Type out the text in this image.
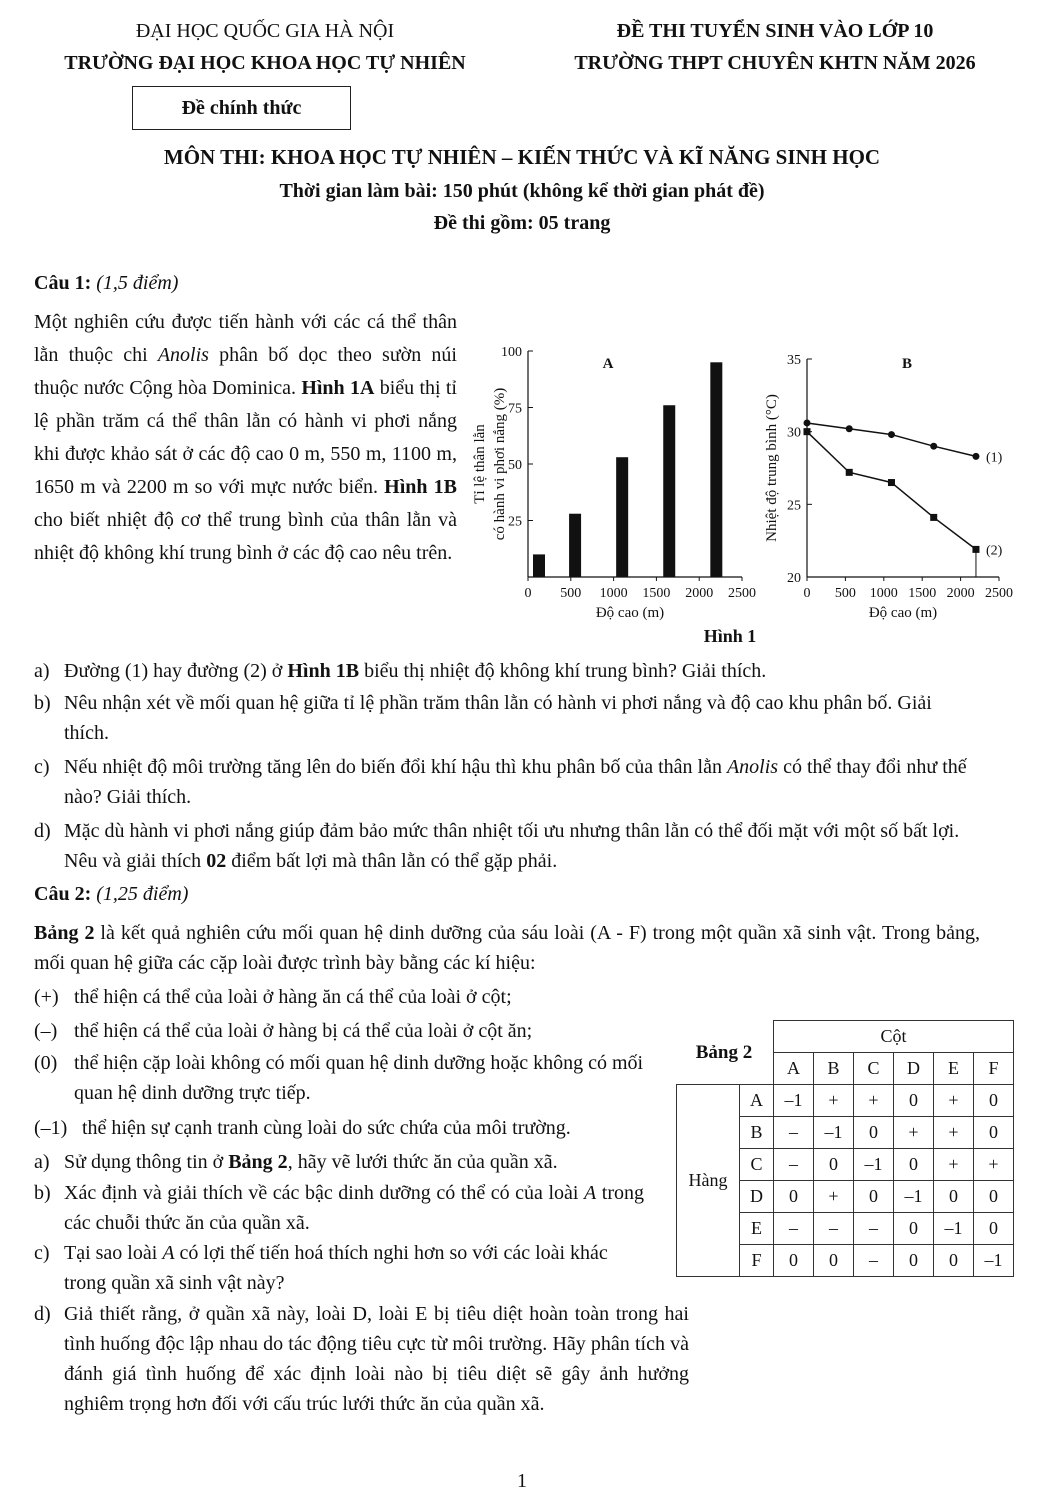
ĐẠI HỌC QUỐC GIA HÀ NỘI
TRƯỜNG ĐẠI HỌC KHOA HỌC TỰ NHIÊN
Đề chính thức
ĐỀ THI TUYỂN SINH VÀO LỚP 10
TRƯỜNG THPT CHUYÊN KHTN NĂM 2026
MÔN THI: KHOA HỌC TỰ NHIÊN – KIẾN THỨC VÀ KĨ NĂNG SINH HỌC
Thời gian làm bài: 150 phút (không kể thời gian phát đề)
Đề thi gồm: 05 trang
Câu 1: (1,5 điểm)
Một nghiên cứu được tiến hành với các cá thể thân lằn thuộc chi Anolis phân bố dọc theo sườn núi thuộc nước Cộng hòa Dominica. Hình 1A biểu thị tỉ lệ phần trăm cá thể thân lằn có hành vi phơi nắng khi được khảo sát ở các độ cao 0 m, 550 m, 1100 m, 1650 m và 2200 m so với mực nước biển. Hình 1B cho biết nhiệt độ cơ thể trung bình của thân lằn và nhiệt độ không khí trung bình ở các độ cao nêu trên.
25
50
75
100
0 500 1000 1500 2000 2500
A
Độ cao (m)
Tỉ lệ thân lằn có hành vi phơi nắng (%)
20
25
30
35
0 500 1000 1500 2000 2500
(1)
(2)
B
Độ cao (m)
Nhiệt độ trung bình (°C)
Hình 1
a) Đường (1) hay đường (2) ở Hình 1B biểu thị nhiệt độ không khí trung bình? Giải thích.
b) Nêu nhận xét về mối quan hệ giữa tỉ lệ phần trăm thân lằn có hành vi phơi nắng và độ cao khu phân bố. Giải thích.
c) Nếu nhiệt độ môi trường tăng lên do biến đổi khí hậu thì khu phân bố của thân lằn Anolis có thể thay đổi như thế nào? Giải thích.
d) Mặc dù hành vi phơi nắng giúp đảm bảo mức thân nhiệt tối ưu nhưng thân lằn có thể đối mặt với một số bất lợi. Nêu và giải thích 02 điểm bất lợi mà thân lằn có thể gặp phải.
Câu 2: (1,25 điểm)
Bảng 2 là kết quả nghiên cứu mối quan hệ dinh dưỡng của sáu loài (A - F) trong một quần xã sinh vật. Trong bảng, mối quan hệ giữa các cặp loài được trình bày bằng các kí hiệu:
(+) thể hiện cá thể của loài ở hàng ăn cá thể của loài ở cột;
(–) thể hiện cá thể của loài ở hàng bị cá thể của loài ở cột ăn;
(0) thể hiện cặp loài không có mối quan hệ dinh dưỡng hoặc không có mối quan hệ dinh dưỡng trực tiếp.
(–1) thể hiện sự cạnh tranh cùng loài do sức chứa của môi trường.
a) Sử dụng thông tin ở Bảng 2, hãy vẽ lưới thức ăn của quần xã.
b) Xác định và giải thích về các bậc dinh dưỡng có thể có của loài A trong các chuỗi thức ăn của quần xã.
c) Tại sao loài A có lợi thế tiến hoá thích nghi hơn so với các loài khác trong quần xã sinh vật này?
d) Giả thiết rằng, ở quần xã này, loài D, loài E bị tiêu diệt hoàn toàn trong hai tình huống độc lập nhau do tác động tiêu cực từ môi trường. Hãy phân tích và đánh giá tình huống để xác định loài nào bị tiêu diệt sẽ gây ảnh hưởng nghiêm trọng hơn đối với cấu trúc lưới thức ăn của quần xã.
Bảng 2
		Cột					
		A	B	C	D	E	F
Hàng	A	–1	+	+	0	+	0
	B	–	–1	0	+	+	0
	C	–	0	–1	0	+	+
	D	0	+	0	–1	0	0
	E	–	–	–	0	–1	0
	F	0	0	–	0	0	–1
1
